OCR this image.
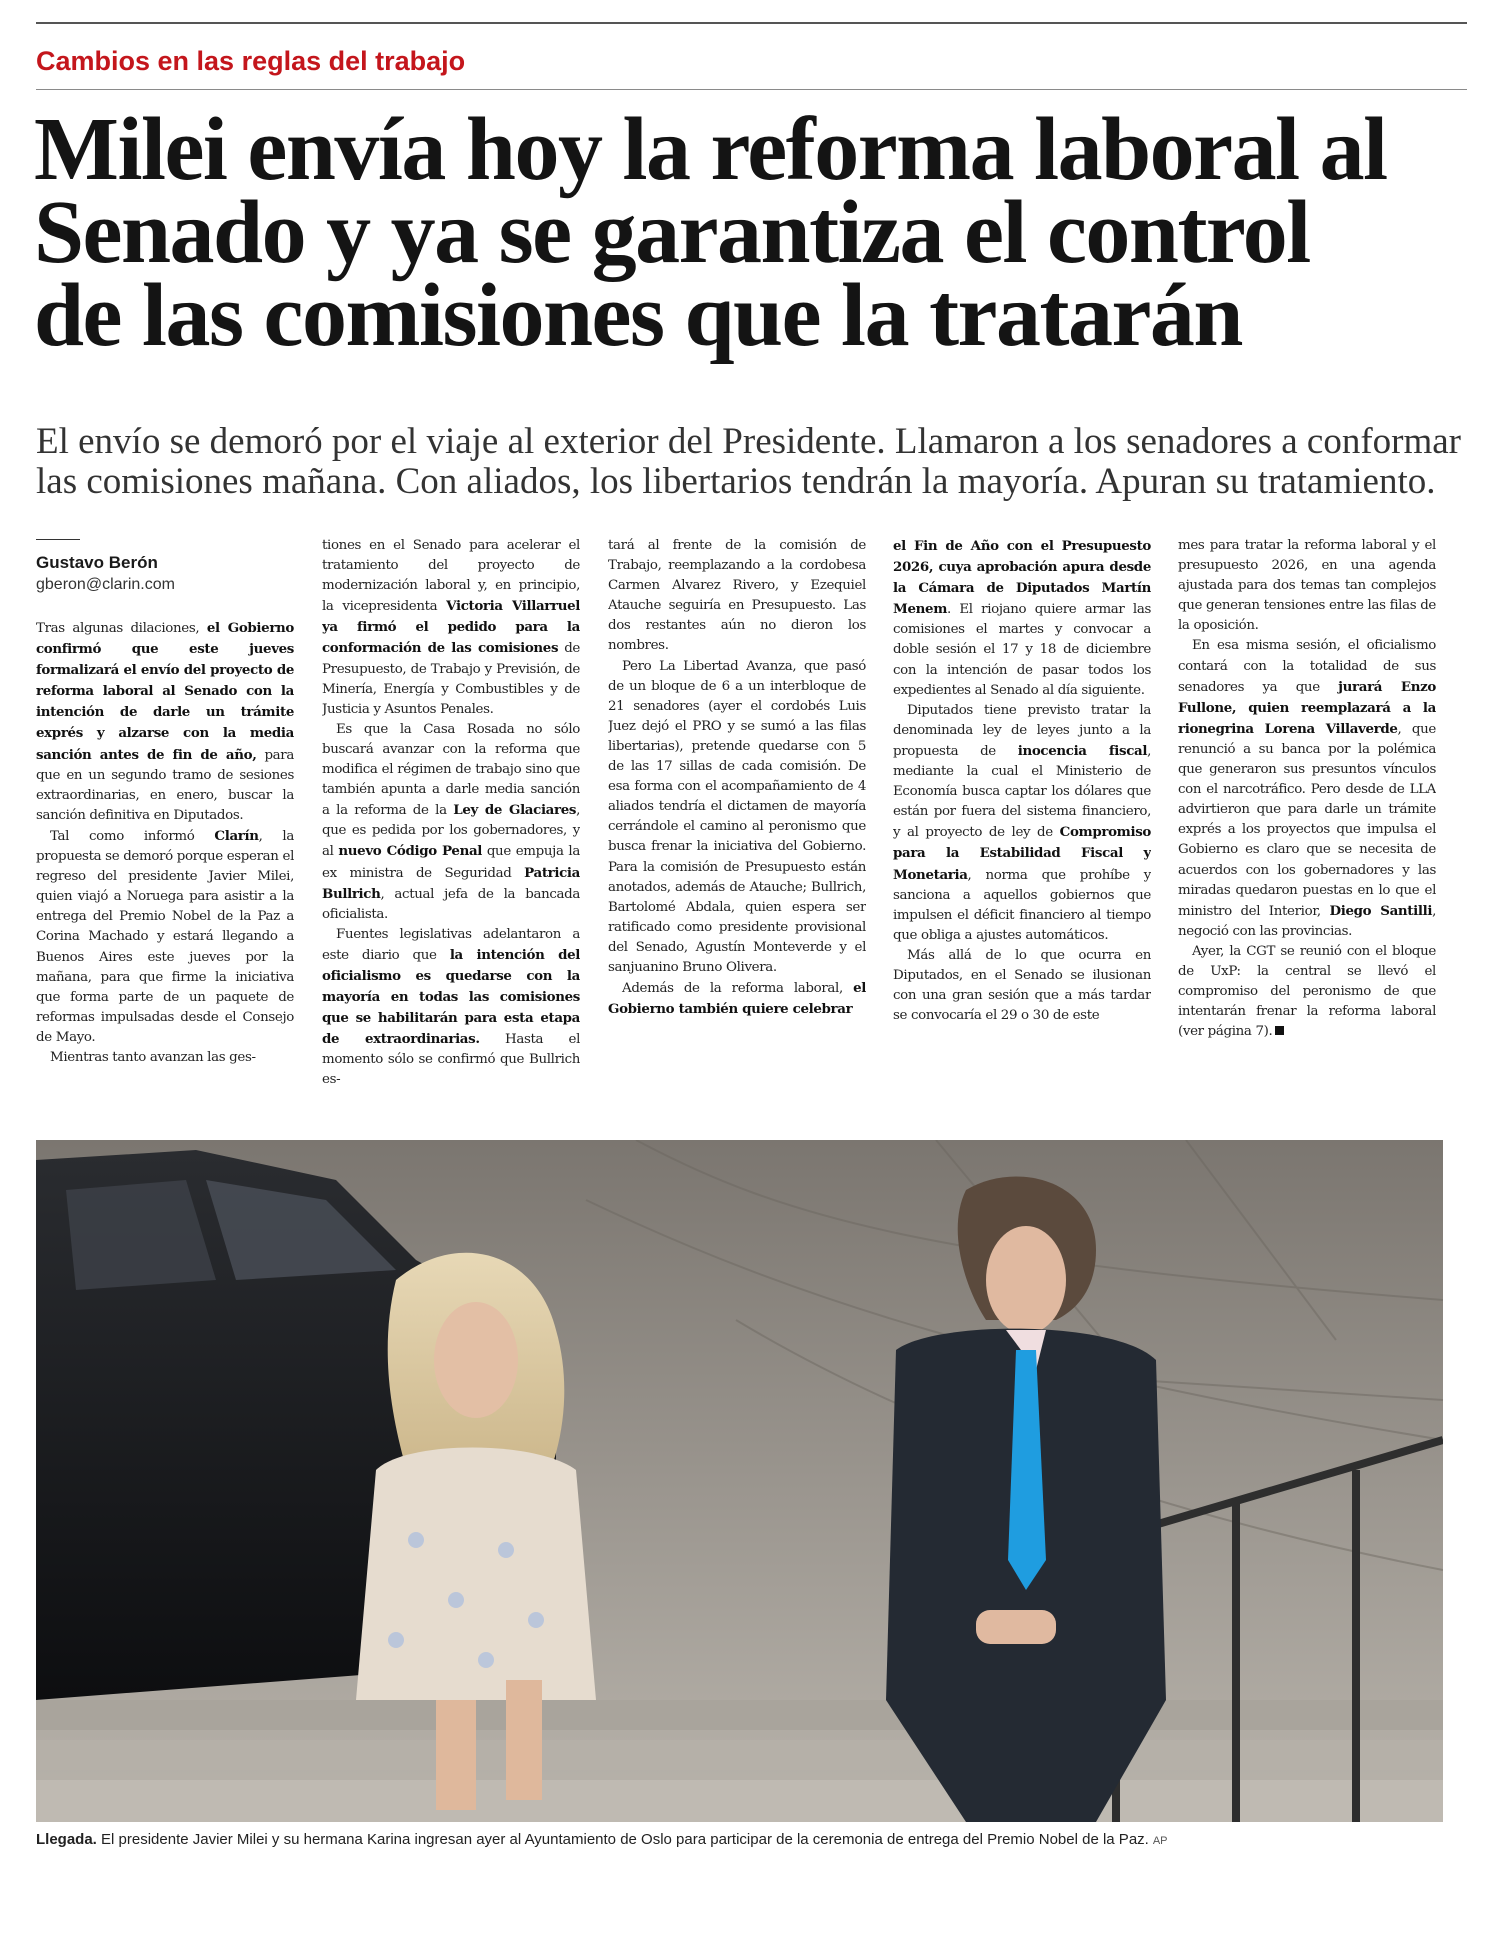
Cambios en las reglas del trabajo
Milei envía hoy la reforma laboral al
Senado y ya se garantiza el control
de las comisiones que la tratarán
El envío se demoró por el viaje al exterior del Presidente. Llamaron a los senadores a conformar
las comisiones mañana. Con aliados, los libertarios tendrán la mayoría. Apuran su tratamiento.
Gustavo Berón
gberon@clarin.com

Tras algunas dilaciones, el Gobierno confirmó que este jueves formalizará el envío del proyecto de reforma laboral al Senado con la intención de darle un trámite exprés y alzarse con la media sanción antes de fin de año, para que en un segundo tramo de sesiones extraordinarias, en enero, buscar la sanción definitiva en Diputados.

Tal como informó Clarín, la propuesta se demoró porque esperan el regreso del presidente Javier Milei, quien viajó a Noruega para asistir a la entrega del Premio Nobel de la Paz a Corina Machado y estará llegando a Buenos Aires este jueves por la mañana, para que firme la iniciativa que forma parte de un paquete de reformas impulsadas desde el Consejo de Mayo.

Mientras tanto avanzan las ges-

tiones en el Senado para acelerar el tratamiento del proyecto de modernización laboral y, en principio, la vicepresidenta Victoria Villarruel ya firmó el pedido para la conformación de las comisiones de Presupuesto, de Trabajo y Previsión, de Minería, Energía y Combustibles y de Justicia y Asuntos Penales.

Es que la Casa Rosada no sólo buscará avanzar con la reforma que modifica el régimen de trabajo sino que también apunta a darle media sanción a la reforma de la Ley de Glaciares, que es pedida por los gobernadores, y al nuevo Código Penal que empuja la ex ministra de Seguridad Patricia Bullrich, actual jefa de la bancada oficialista.

Fuentes legislativas adelantaron a este diario que la intención del oficialismo es quedarse con la mayoría en todas las comisiones que se habilitarán para esta etapa de extraordinarias. Hasta el momento sólo se confirmó que Bullrich es-

tará al frente de la comisión de Trabajo, reemplazando a la cordobesa Carmen Alvarez Rivero, y Ezequiel Atauche seguiría en Presupuesto. Las dos restantes aún no dieron los nombres.

Pero La Libertad Avanza, que pasó de un bloque de 6 a un interbloque de 21 senadores (ayer el cordobés Luis Juez dejó el PRO y se sumó a las filas libertarias), pretende quedarse con 5 de las 17 sillas de cada comisión. De esa forma con el acompañamiento de 4 aliados tendría el dictamen de mayoría cerrándole el camino al peronismo que busca frenar la iniciativa del Gobierno. Para la comisión de Presupuesto están anotados, además de Atauche; Bullrich, Bartolomé Abdala, quien espera ser ratificado como presidente provisional del Senado, Agustín Monteverde y el sanjuanino Bruno Olivera.

Además de la reforma laboral, el Gobierno también quiere celebrar

el Fin de Año con el Presupuesto 2026, cuya aprobación apura desde la Cámara de Diputados Martín Menem. El riojano quiere armar las comisiones el martes y convocar a doble sesión el 17 y 18 de diciembre con la intención de pasar todos los expedientes al Senado al día siguiente.

Diputados tiene previsto tratar la denominada ley de leyes junto a la propuesta de inocencia fiscal, mediante la cual el Ministerio de Economía busca captar los dólares que están por fuera del sistema financiero, y al proyecto de ley de Compromiso para la Estabilidad Fiscal y Monetaria, norma que prohíbe y sanciona a aquellos gobiernos que impulsen el déficit financiero al tiempo que obliga a ajustes automáticos.

Más allá de lo que ocurra en Diputados, en el Senado se ilusionan con una gran sesión que a más tardar se convocaría el 29 o 30 de este

mes para tratar la reforma laboral y el presupuesto 2026, en una agenda ajustada para dos temas tan complejos que generan tensiones entre las filas de la oposición.

En esa misma sesión, el oficialismo contará con la totalidad de sus senadores ya que jurará Enzo Fullone, quien reemplazará a la rionegrina Lorena Villaverde, que renunció a su banca por la polémica que generaron sus presuntos vínculos con el narcotráfico. Pero desde de LLA advirtieron que para darle un trámite exprés a los proyectos que impulsa el Gobierno es claro que se necesita de acuerdos con los gobernadores y las miradas quedaron puestas en lo que el ministro del Interior, Diego Santilli, negoció con las provincias.

Ayer, la CGT se reunió con el bloque de UxP: la central se llevó el compromiso del peronismo de que intentarán frenar la reforma laboral (ver página 7).

Llegada. El presidente Javier Milei y su hermana Karina ingresan ayer al Ayuntamiento de Oslo para participar de la ceremonia de entrega del Premio Nobel de la Paz. AP
